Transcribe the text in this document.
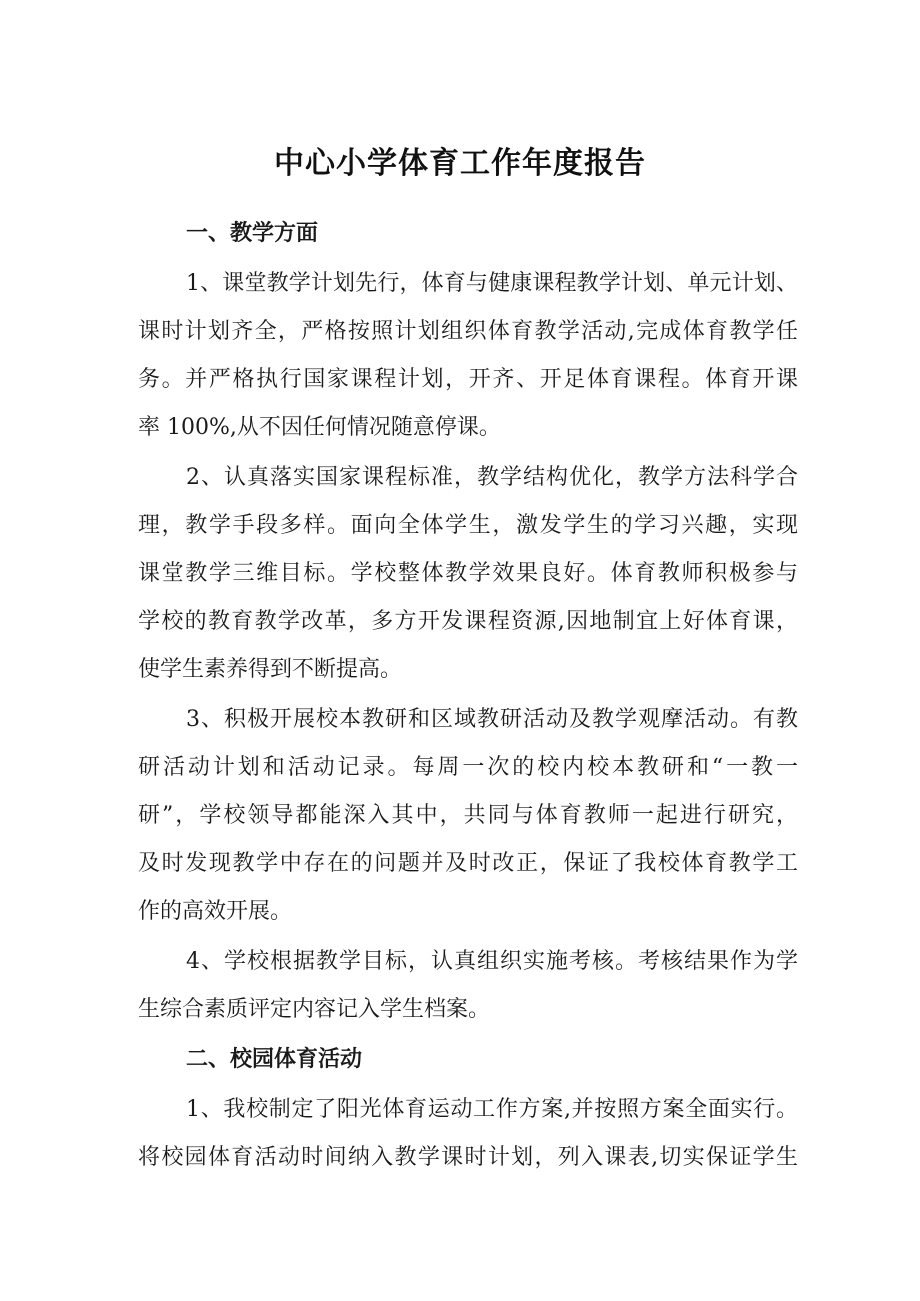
中心小学体育工作年度报告
一、教学方面
1、课堂教学计划先行，体育与健康课程教学计划、单元计划、
课时计划齐全，严格按照计划组织体育教学活动,完成体育教学任
务。并严格执行国家课程计划，开齐、开足体育课程。体育开课
率 100%,从不因任何情况随意停课。
2、认真落实国家课程标准，教学结构优化，教学方法科学合
理，教学手段多样。面向全体学生，激发学生的学习兴趣，实现
课堂教学三维目标。学校整体教学效果良好。体育教师积极参与
学校的教育教学改革，多方开发课程资源,因地制宜上好体育课，
使学生素养得到不断提高。
3、积极开展校本教研和区域教研活动及教学观摩活动。有教
研活动计划和活动记录。每周一次的校内校本教研和“一教一
研”，学校领导都能深入其中，共同与体育教师一起进行研究，
及时发现教学中存在的问题并及时改正，保证了我校体育教学工
作的高效开展。
4、学校根据教学目标，认真组织实施考核。考核结果作为学
生综合素质评定内容记入学生档案。
二、校园体育活动
1、我校制定了阳光体育运动工作方案,并按照方案全面实行。
将校园体育活动时间纳入教学课时计划，列入课表,切实保证学生
